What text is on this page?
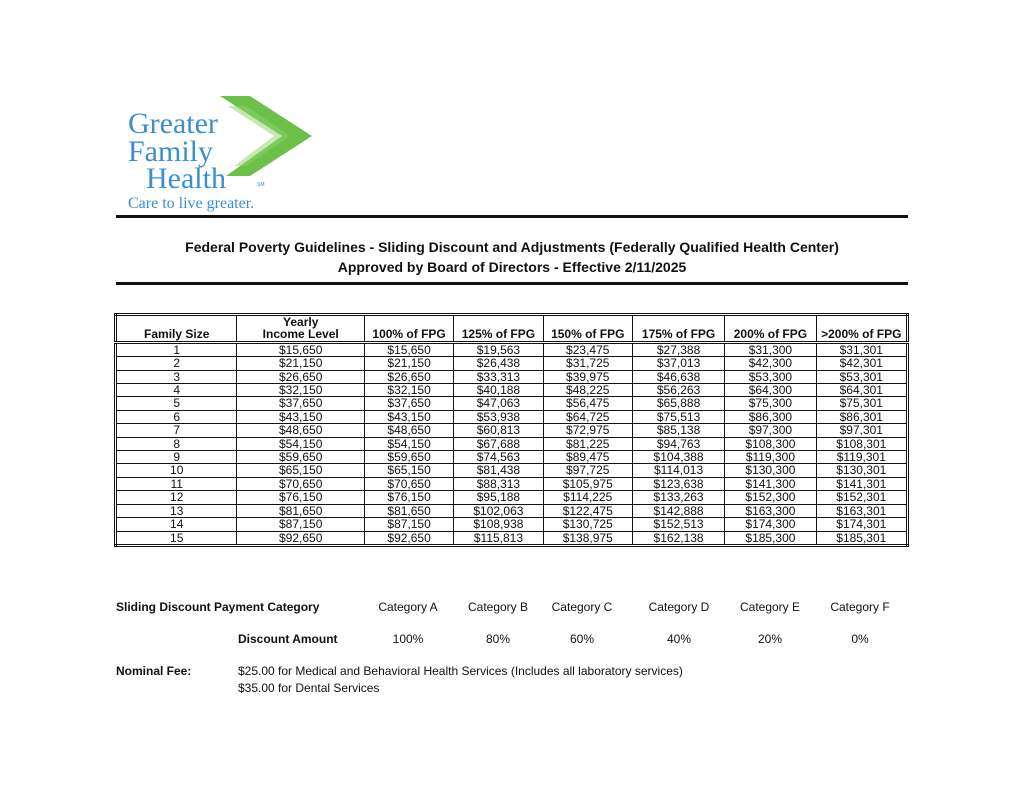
Greater
Family
Health	SM
Care to live greater.
Federal Poverty Guidelines - Sliding Discount and Adjustments (Federally Qualified Health Center)
Approved by Board of Directors - Effective 2/11/2025
	Yearly						
Family Size	Income Level	100% of FPG	125% of FPG	150% of FPG	175% of FPG	200% of FPG	>200% of FPG
1	$15,650	$15,650	$19,563	$23,475	$27,388	$31,300	$31,301
2	$21,150	$21,150	$26,438	$31,725	$37,013	$42,300	$42,301
3	$26,650	$26,650	$33,313	$39,975	$46,638	$53,300	$53,301
4	$32,150	$32,150	$40,188	$48,225	$56,263	$64,300	$64,301
5	$37,650	$37,650	$47,063	$56,475	$65,888	$75,300	$75,301
6	$43,150	$43,150	$53,938	$64,725	$75,513	$86,300	$86,301
7	$48,650	$48,650	$60,813	$72,975	$85,138	$97,300	$97,301
8	$54,150	$54,150	$67,688	$81,225	$94,763	$108,300	$108,301
9	$59,650	$59,650	$74,563	$89,475	$104,388	$119,300	$119,301
10	$65,150	$65,150	$81,438	$97,725	$114,013	$130,300	$130,301
11	$70,650	$70,650	$88,313	$105,975	$123,638	$141,300	$141,301
12	$76,150	$76,150	$95,188	$114,225	$133,263	$152,300	$152,301
13	$81,650	$81,650	$102,063	$122,475	$142,888	$163,300	$163,301
14	$87,150	$87,150	$108,938	$130,725	$152,513	$174,300	$174,301
15	$92,650	$92,650	$115,813	$138,975	$162,138	$185,300	$185,301
Sliding Discount Payment Category	Category A	Category B	Category C	Category D	Category E	Category F
Discount Amount	100%	80%	60%	40%	20%	0%
Nominal Fee:	$25.00 for Medical and Behavioral Health Services (Includes all laboratory services)
$35.00 for Dental Services
